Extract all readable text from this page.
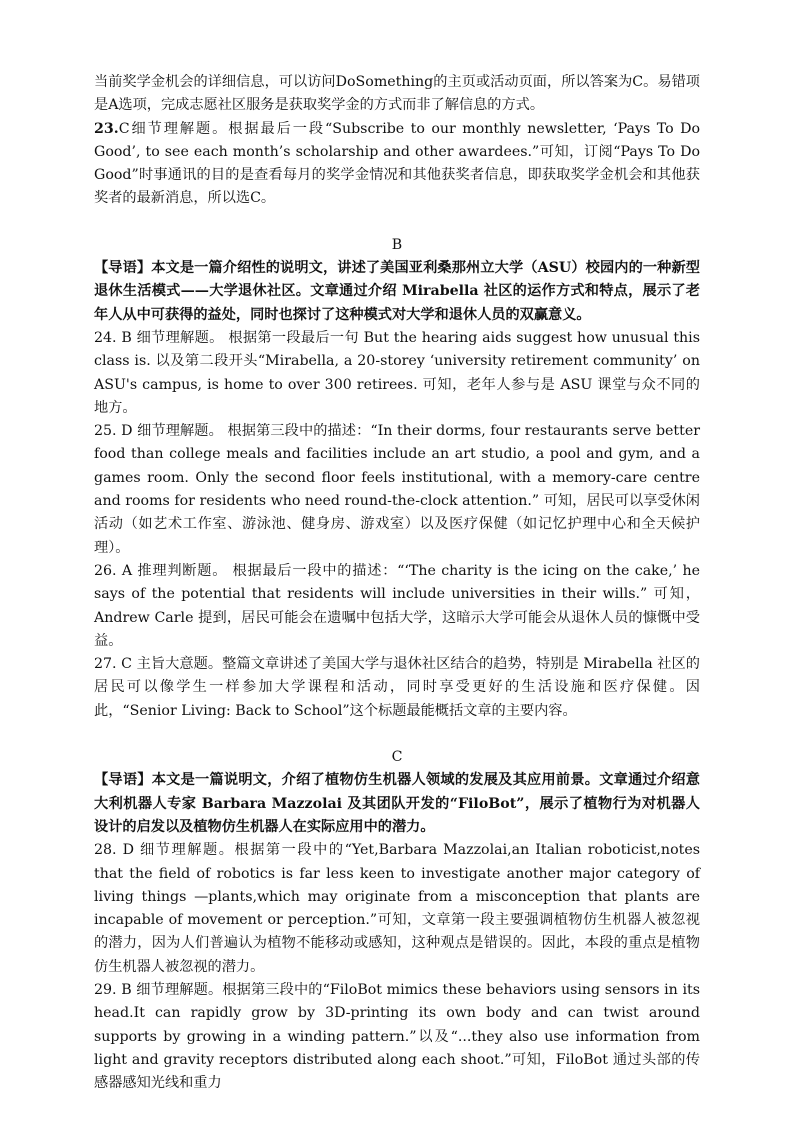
当前奖学金机会的详细信息，可以访问DoSomething的主页或活动页面，所以答案为C。易错项是A选项，完成志愿社区服务是获取奖学金的方式而非了解信息的方式。

23.C细节理解题。根据最后一段“Subscribe to our monthly newsletter, ‘Pays To Do Good’, to see each month’s scholarship and other awardees.”可知，订阅“Pays To Do Good”时事通讯的目的是查看每月的奖学金情况和其他获奖者信息，即获取奖学金机会和其他获奖者的最新消息，所以选C。

B

【导语】本文是一篇介绍性的说明文，讲述了美国亚利桑那州立大学（ASU）校园内的一种新型退休生活模式——大学退休社区。文章通过介绍 Mirabella 社区的运作方式和特点，展示了老年人从中可获得的益处，同时也探讨了这种模式对大学和退休人员的双赢意义。

24. B 细节理解题。 根据第一段最后一句 But the hearing aids suggest how unusual this class is. 以及第二段开头“Mirabella, a 20-storey ‘university retirement community’ on ASU's campus, is home to over 300 retirees. 可知，老年人参与是 ASU 课堂与众不同的地方。

25. D 细节理解题。 根据第三段中的描述：“In their dorms, four restaurants serve better food than college meals and facilities include an art studio, a pool and gym, and a games room. Only the second floor feels institutional, with a memory-care centre and rooms for residents who need round-the-clock attention.” 可知，居民可以享受休闲活动（如艺术工作室、游泳池、健身房、游戏室）以及医疗保健（如记忆护理中心和全天候护理）。

26. A 推理判断题。 根据最后一段中的描述：“‘The charity is the icing on the cake,’ he says of the potential that residents will include universities in their wills.” 可知，Andrew Carle 提到，居民可能会在遗嘱中包括大学，这暗示大学可能会从退休人员的慷慨中受益。

27. C 主旨大意题。整篇文章讲述了美国大学与退休社区结合的趋势，特别是 Mirabella 社区的居民可以像学生一样参加大学课程和活动，同时享受更好的生活设施和医疗保健。因此，“Senior Living: Back to School”这个标题最能概括文章的主要内容。

C

【导语】本文是一篇说明文，介绍了植物仿生机器人领域的发展及其应用前景。文章通过介绍意大利机器人专家 Barbara Mazzolai 及其团队开发的“FiloBot”，展示了植物行为对机器人设计的启发以及植物仿生机器人在实际应用中的潜力。

28. D 细节理解题。根据第一段中的“Yet,Barbara Mazzolai,an Italian roboticist,notes that the field of robotics is far less keen to investigate another major category of living things —plants,which may originate from a misconception that plants are incapable of movement or perception.”可知，文章第一段主要强调植物仿生机器人被忽视的潜力，因为人们普遍认为植物不能移动或感知，这种观点是错误的。因此，本段的重点是植物仿生机器人被忽视的潜力。

29. B 细节理解题。根据第三段中的“FiloBot mimics these behaviors using sensors in its head.It can rapidly grow by 3D-printing its own body and can twist around supports by growing in a winding pattern.”以及“...they also use information from light and gravity receptors distributed along each shoot.”可知，FiloBot 通过头部的传感器感知光线和重力
